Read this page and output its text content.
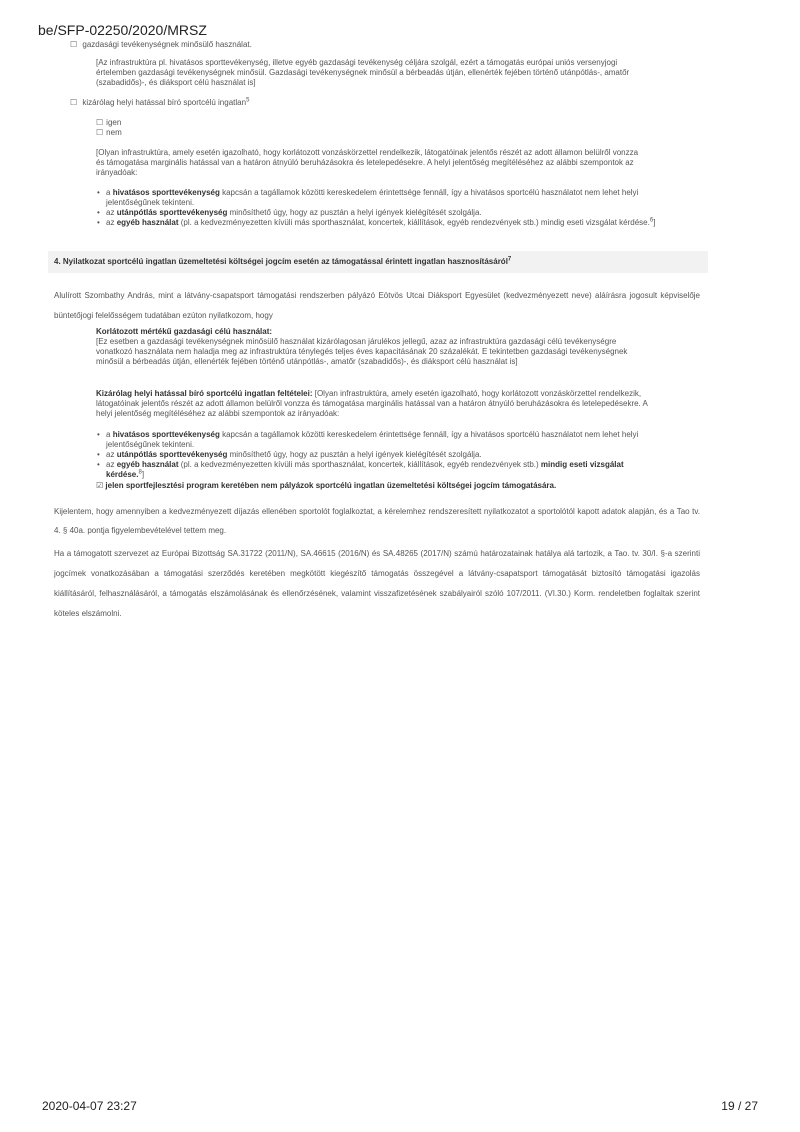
be/SFP-02250/2020/MRSZ
☐ gazdasági tevékenységnek minősülő használat.

[Az infrastruktúra pl. hivatásos sporttevékenység, illetve egyéb gazdasági tevékenység céljára szolgál, ezért a támogatás európai uniós versenyjogi értelemben gazdasági tevékenységnek minősül. Gazdasági tevékenységnek minősül a bérbeadás útján, ellenérték fejében történő utánpótlás-, amatőr (szabadidős)-, és diáksport célú használat is]

☐ kizárólag helyi hatással bíró sportcélú ingatlan$^5$
☐ igen
☐ nem

[Olyan infrastruktúra, amely esetén igazolható, hogy korlátozott vonzáskörzettel rendelkezik, látogatóinak jelentős részét az adott államon belülről vonzza és támogatása marginális hatással van a határon átnyúló beruházásokra és letelepedésekre. A helyi jelentőség megítéléséhez az alábbi szempontok az irányadóak:

• a hivatásos sporttevékenység kapcsán a tagállamok közötti kereskedelem érintettsége fennáll, így a hivatásos sportcélú használatot nem lehet helyi jelentőségűnek tekinteni.
• az utánpótlás sporttevékenység minősíthető úgy, hogy az pusztán a helyi igények kielégítését szolgálja.
• az egyéb használat (pl. a kedvezményezetten kívüli más sporthasználat, koncertek, kiállítások, egyéb rendezvények stb.) mindig eseti vizsgálat kérdése.$^6$]
4. Nyilatkozat sportcélú ingatlan üzemeltetési költségei jogcím esetén az támogatással érintett ingatlan hasznosításáról$^7$

Alulírott Szombathy András, mint a látvány-csapatsport támogatási rendszerben pályázó Eötvös Utcai Diáksport Egyesület (kedvezményezett neve) aláírásra jogosult képviselője büntetőjogi felelősségem tudatában ezúton nyilatkozom, hogy

Korlátozott mértékű gazdasági célú használat:
[Ez esetben a gazdasági tevékenységnek minősülő használat kizárólagosan járulékos jellegű, azaz az infrastruktúra gazdasági célú tevékenységre vonatkozó használata nem haladja meg az infrastruktúra ténylegés teljes éves kapacitásának 20 százalékát. E tekintetben gazdasági tevékenységnek minősül a bérbeadás útján, ellenérték fejében történő utánpótlás-, amatőr (szabadidős)-, és diáksport célú használat is]
Kizárólag helyi hatással bíró sportcélú ingatlan feltételei: [Olyan infrastruktúra, amely esetén igazolható, hogy korlátozott vonzáskörzettel rendelkezik, látogatóinak jelentős részét az adott államon belülről vonzza és támogatása marginális hatással van a határon átnyúló beruházásokra és letelepedésekre. A helyi jelentőség megítéléséhez az alábbi szempontok az irányadóak:
• a hivatásos sporttevékenység kapcsán a tagállamok közötti kereskedelem érintettsége fennáll, így a hivatásos sportcélú használatot nem lehet helyi jelentőségűnek tekinteni.
• az utánpótlás sporttevékenység minősíthető úgy, hogy az pusztán a helyi igények kielégítését szolgálja.
• az egyéb használat (pl. a kedvezményezetten kívüli más sporthasználat, koncertek, kiállítások, egyéb rendezvények stb.) mindig eseti vizsgálat kérdése.$^8$]
☑ jelen sportfejlesztési program keretében nem pályázok sportcélú ingatlan üzemeltetési költségei jogcím támogatására.

Kijelentem, hogy amennyiben a kedvezményezett díjazás ellenében sportolót foglalkoztat, a kérelemhez rendszeresített nyilatkozatot a sportolótól kapott adatok alapján, és a Tao tv. 4. § 40a. pontja figyelembevételével tettem meg.

Ha a támogatott szervezet az Európai Bizottság SA.31722 (2011/N), SA.46615 (2016/N) és SA.48265 (2017/N) számú határozatainak hatálya alá tartozik, a Tao. tv. 30/I. §-a szerinti jogcímek vonatkozásában a támogatási szerződés keretében megkötött kiegészítő támogatás összegével a látvány-csapatsport támogatását biztosító támogatási igazolás kiállításáról, felhasználásáról, a támogatás elszámolásának és ellenőrzésének, valamint visszafizetésének szabályairól szóló 107/2011. (VI.30.) Korm. rendeletben foglaltak szerint köteles elszámolni.

2020-04-07 23:27	19 / 27
